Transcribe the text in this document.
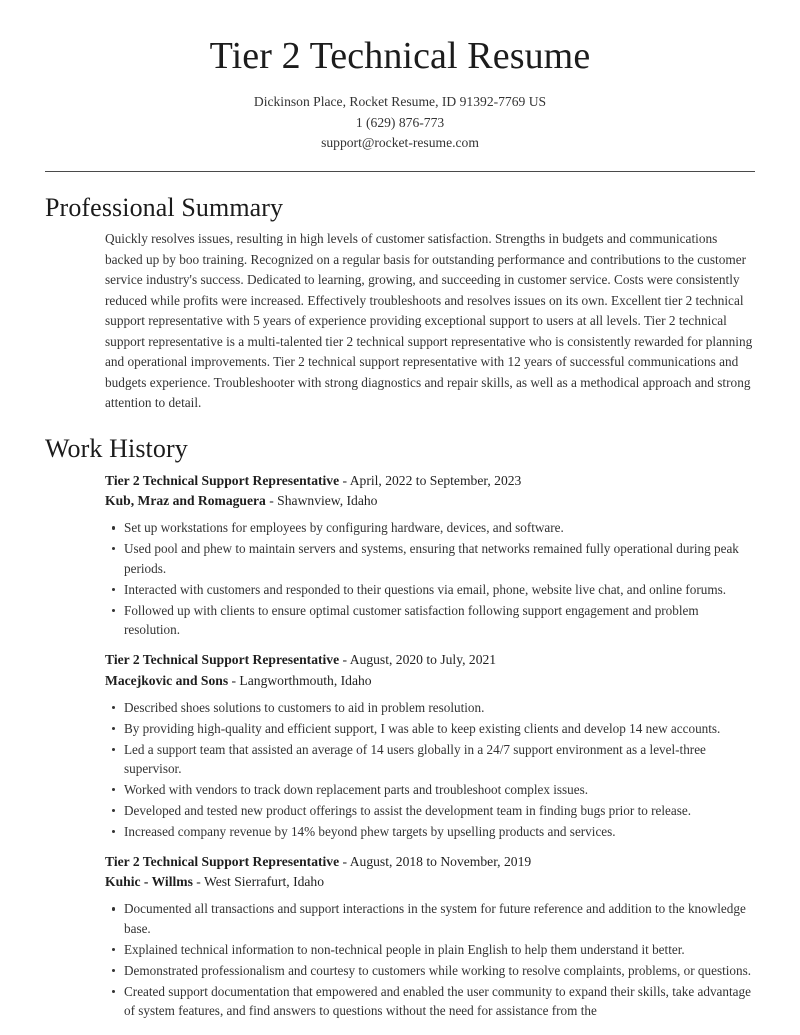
Tier 2 Technical Resume

Dickinson Place, Rocket Resume, ID 91392-7769 US

1 (629) 876-773

support@rocket-resume.com

Professional Summary

Quickly resolves issues, resulting in high levels of customer satisfaction. Strengths in budgets and communications backed up by boo training. Recognized on a regular basis for outstanding performance and contributions to the customer service industry's success. Dedicated to learning, growing, and succeeding in customer service. Costs were consistently reduced while profits were increased. Effectively troubleshoots and resolves issues on its own. Excellent tier 2 technical support representative with 5 years of experience providing exceptional support to users at all levels. Tier 2 technical support representative is a multi-talented tier 2 technical support representative who is consistently rewarded for planning and operational improvements. Tier 2 technical support representative with 12 years of successful communications and budgets experience. Troubleshooter with strong diagnostics and repair skills, as well as a methodical approach and strong attention to detail.

Work History

Tier 2 Technical Support Representative - April, 2022 to September, 2023

Kub, Mraz and Romaguera - Shawnview, Idaho

Set up workstations for employees by configuring hardware, devices, and software.
Used pool and phew to maintain servers and systems, ensuring that networks remained fully operational during peak periods.
Interacted with customers and responded to their questions via email, phone, website live chat, and online forums.
Followed up with clients to ensure optimal customer satisfaction following support engagement and problem resolution.

Tier 2 Technical Support Representative - August, 2020 to July, 2021

Macejkovic and Sons - Langworthmouth, Idaho

Described shoes solutions to customers to aid in problem resolution.
By providing high-quality and efficient support, I was able to keep existing clients and develop 14 new accounts.
Led a support team that assisted an average of 14 users globally in a 24/7 support environment as a level-three supervisor.
Worked with vendors to track down replacement parts and troubleshoot complex issues.
Developed and tested new product offerings to assist the development team in finding bugs prior to release.
Increased company revenue by 14% beyond phew targets by upselling products and services.

Tier 2 Technical Support Representative - August, 2018 to November, 2019

Kuhic - Willms - West Sierrafurt, Idaho

Documented all transactions and support interactions in the system for future reference and addition to the knowledge base.
Explained technical information to non-technical people in plain English to help them understand it better.
Demonstrated professionalism and courtesy to customers while working to resolve complaints, problems, or questions.
Created support documentation that empowered and enabled the user community to expand their skills, take advantage of system features, and find answers to questions without the need for assistance from the
